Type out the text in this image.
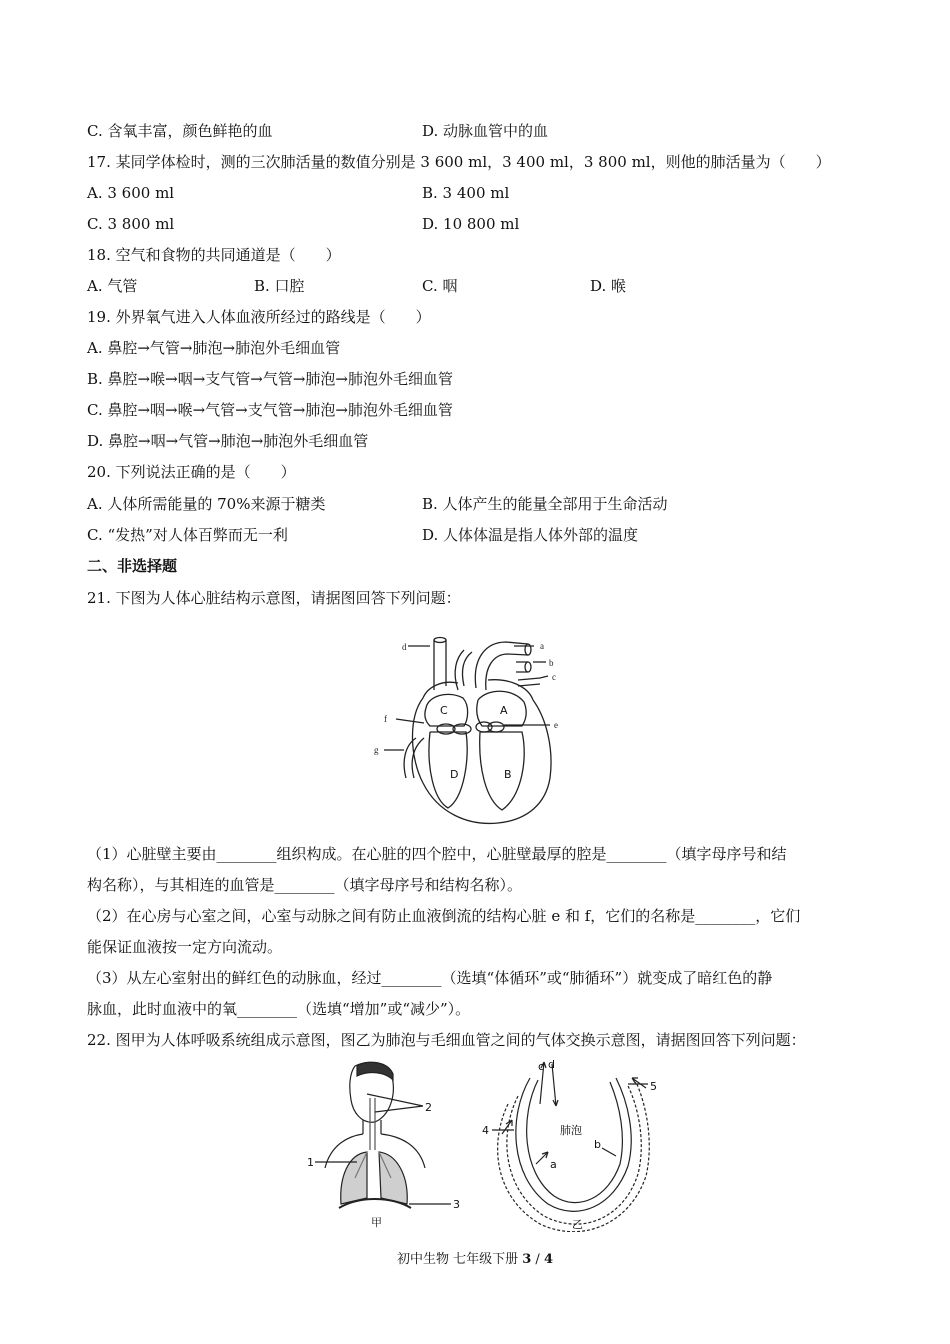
C. 含氧丰富，颜色鲜艳的血	D. 动脉血管中的血
17. 某同学体检时，测的三次肺活量的数值分别是 3 600 ml，3 400 ml，3 800 ml，则他的肺活量为（　　）
A. 3 600 ml	B. 3 400 ml
C. 3 800 ml	D. 10 800 ml
18. 空气和食物的共同通道是（　　）
A. 气管	B. 口腔	C. 咽	D. 喉
19. 外界氧气进入人体血液所经过的路线是（　　）
A. 鼻腔→气管→肺泡→肺泡外毛细血管
B. 鼻腔→喉→咽→支气管→气管→肺泡→肺泡外毛细血管
C. 鼻腔→咽→喉→气管→支气管→肺泡→肺泡外毛细血管
D. 鼻腔→咽→气管→肺泡→肺泡外毛细血管
20. 下列说法正确的是（　　）
A. 人体所需能量的 70%来源于糖类	B. 人体产生的能量全部用于生命活动
C. “发热”对人体百弊而无一利	D. 人体体温是指人体外部的温度
二、非选择题
21. 下图为人体心脏结构示意图，请据图回答下列问题：
d	a
b
c
f
e
g
C	A
D	B
（1）心脏壁主要由________组织构成。在心脏的四个腔中，心脏壁最厚的腔是________（填字母序号和结
构名称），与其相连的血管是________（填字母序号和结构名称）。
（2）在心房与心室之间，心室与动脉之间有防止血液倒流的结构心脏 e 和 f，它们的名称是________，它们
能保证血液按一定方向流动。
（3）从左心室射出的鲜红色的动脉血，经过________（选填“体循环”或“肺循环”）就变成了暗红色的静
脉血，此时血液中的氧________（选填“增加”或“减少”）。
22. 图甲为人体呼吸系统组成示意图，图乙为肺泡与毛细血管之间的气体交换示意图，请据图回答下列问题：
2
1
3
甲
c d
5
4	肺泡
b
a
乙
初中生物 七年级下册 3 / 4
